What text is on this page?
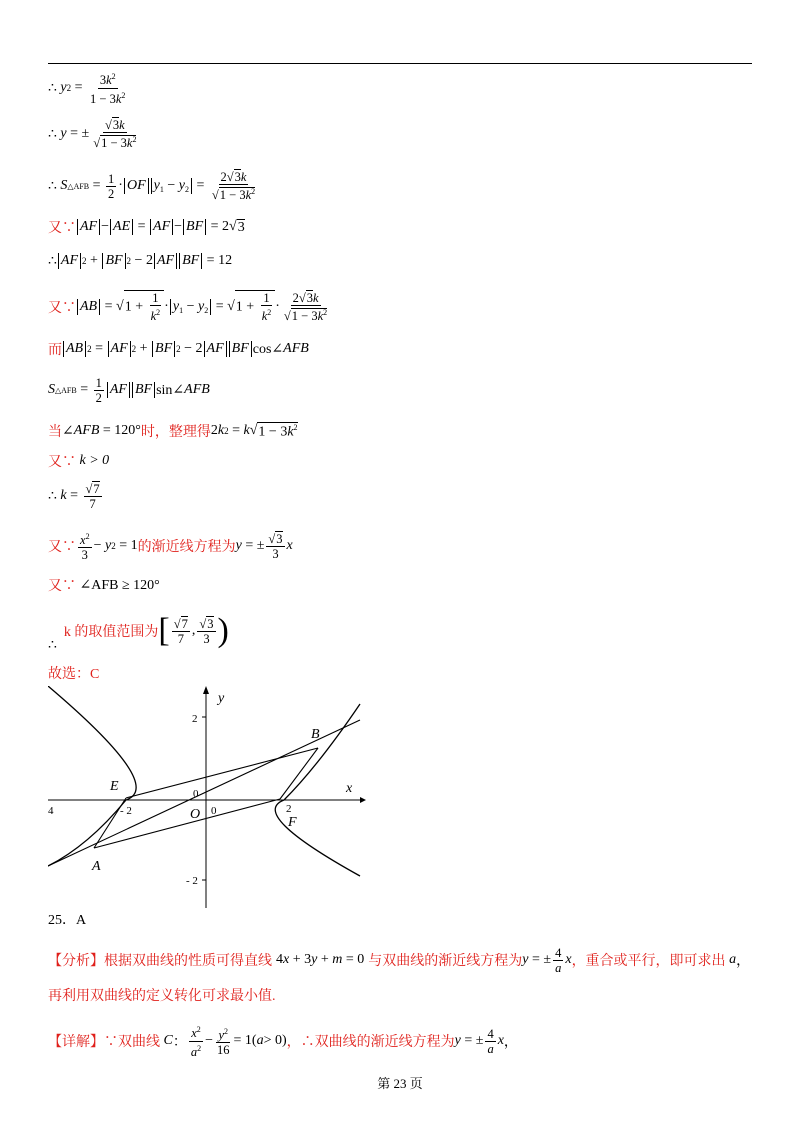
∴
y $2 = \frac{3k^2}{1 - 3k^2}$
∴
y = ± $\frac{√3k}{√1 - 3k^2}$
∴
S △AFB = $\frac{1}{2}$ · OF $y_1 - y_2 = \frac{2√3k}{√1 - 3k^2}$
又∵ AF − AE = AF − BF = 2√ 3
∴ AF 2 + BF 2 − 2 AF BF = 12
又∵ AB = √ $1 + \frac{1}{k^2} \cdot y_1 - y_2$ = √ $1 + \frac{1}{k^2} \cdot \frac{2√3k}{√1 - 3k^2}$
而 AB 2 = AF 2 + BF 2 − 2 AF BF cos∠ AFB
S △AFB = $\frac{1}{2}$ AF BF sin∠ AFB
当 ∠ AFB = 120° 时，整理得 2 k 2 = k √ $1 - 3k^2$
又∵
k > 0
∴
$k = \frac{√7}{7}$
又∵ $\frac{x^2}{3} - y$ 2 = 1 的渐近线方程为 y = ± $\frac{√3}{3}$ x
又∵
∠AFB ≥ 120°
∴

k 的取值范围为 [ $\frac{√7}{7}$ , $\frac{√3}{3}$ )
故选：C
y
x
2
- 2
- 2	2
4
0
0
O
A
B
E
F
25．A
【分析】 根据双曲线的性质可得直线 4x + 3y + m = 0 与双曲线的渐近线方程为 y = ± $\frac{4}{a}$ x ，重合或平行，即可求出
a ，
再利用双曲线的定义转化可求最小值.
【详解】 ∵双曲线
C ： $\frac{x^2}{a^2} - \frac{y^2}{16} = 1$( a > 0) ，∴双曲线的渐近线方程为 y = ± $\frac{4}{a}$ x ，
第 23 页
